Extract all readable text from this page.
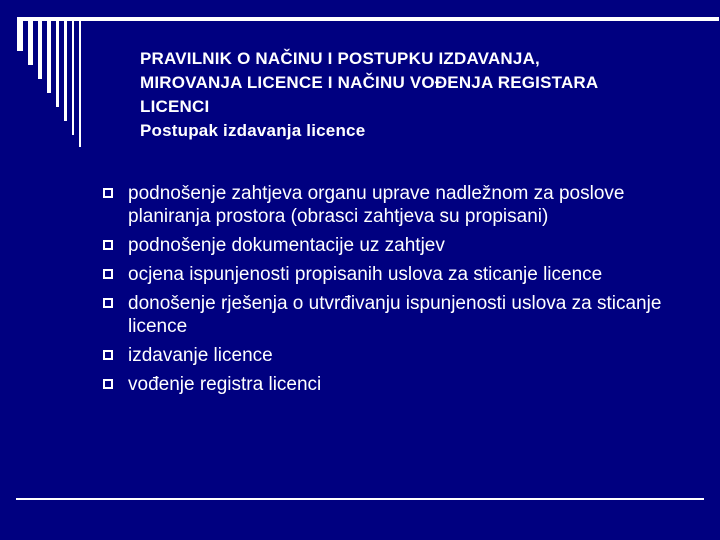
PRAVILNIK O NAČINU I POSTUPKU IZDAVANJA,
MIROVANJA LICENCE I NAČINU VOĐENJA REGISTARA
LICENCI
Postupak izdavanja licence
podnošenje zahtjeva organu uprave nadležnom za poslove planiranja prostora (obrasci zahtjeva su propisani)
podnošenje dokumentacije uz zahtjev
ocjena ispunjenosti propisanih uslova za sticanje licence
donošenje rješenja o utvrđivanju ispunjenosti uslova za sticanje licence
izdavanje licence
vođenje registra licenci
